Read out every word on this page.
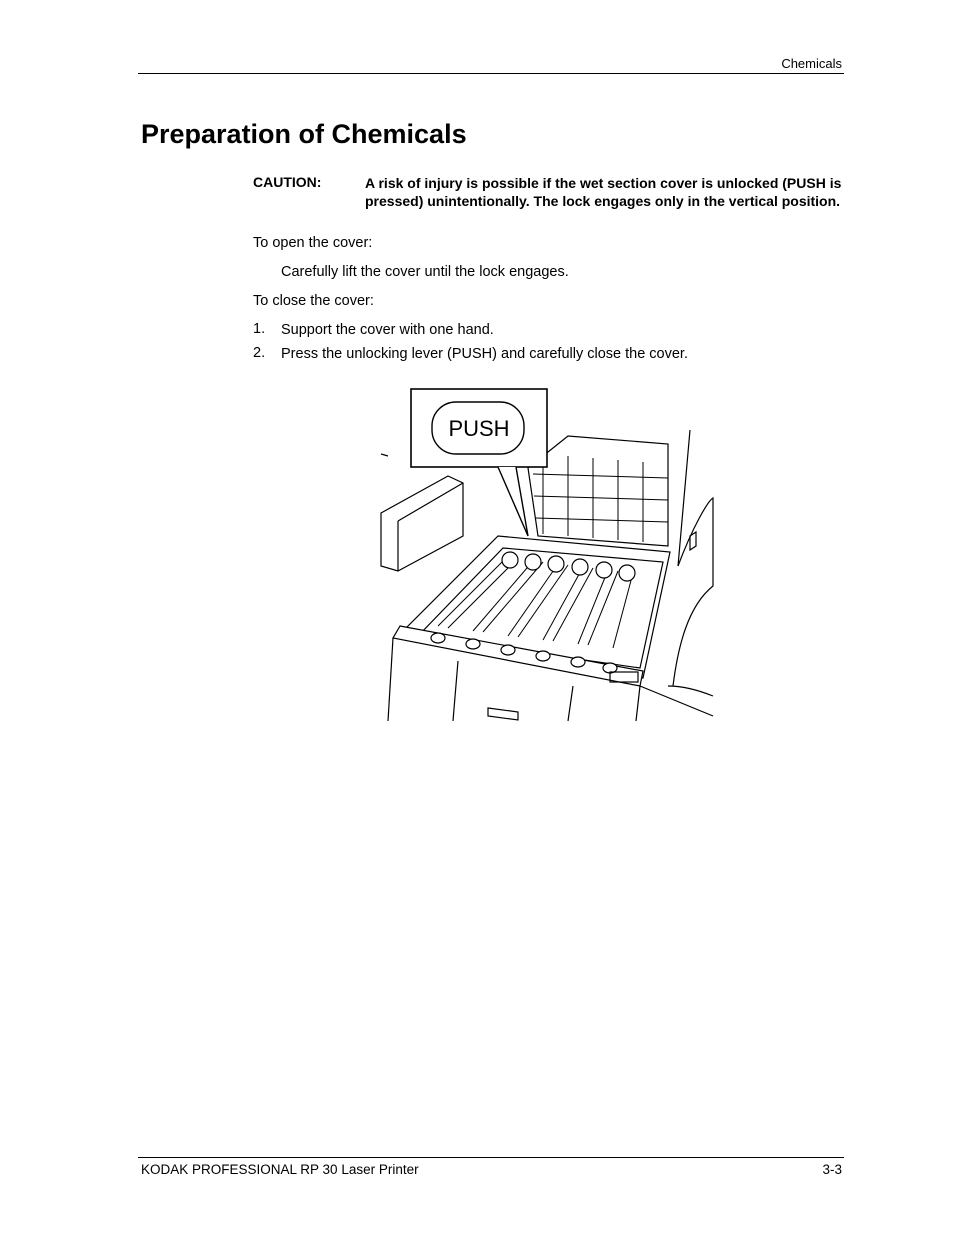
Chemicals
Preparation of Chemicals
CAUTION:	A risk of injury is possible if the wet section cover is unlocked (PUSH is pressed) unintentionally. The lock engages only in the vertical position.
To open the cover:
Carefully lift the cover until the lock engages.
To close the cover:
1. Support the cover with one hand.
2. Press the unlocking lever (PUSH) and carefully close the cover.
PUSH
KODAK PROFESSIONAL RP 30 Laser Printer	3-3
